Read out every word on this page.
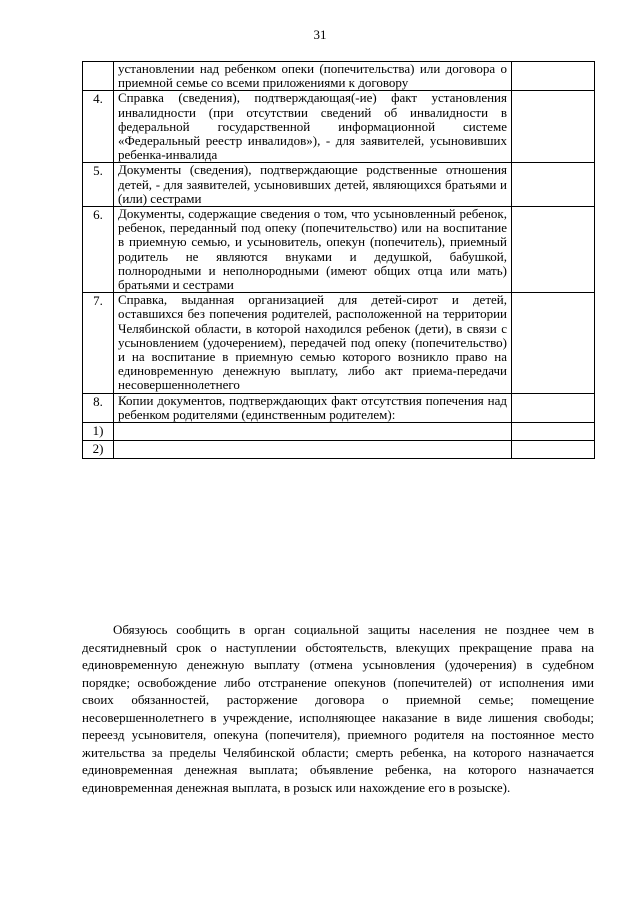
31
	установлении над ребенком опеки (попечительства) или договора о приемной семье со всеми приложениями к договору	
4.	Справка (сведения), подтверждающая(-ие) факт установления инвалидности (при отсутствии сведений об инвалидности в федеральной государственной информационной системе «Федеральный реестр инвалидов»), - для заявителей, усыновивших ребенка-инвалида	
5.	Документы (сведения), подтверждающие родственные отношения детей, - для заявителей, усыновивших детей, являющихся братьями и (или) сестрами	
6.	Документы, содержащие сведения о том, что усыновленный ребенок, ребенок, переданный под опеку (попечительство) или на воспитание в приемную семью, и усыновитель, опекун (попечитель), приемный родитель не являются внуками и дедушкой, бабушкой, полнородными и неполнородными (имеют общих отца или мать) братьями и сестрами	
7.	Справка, выданная организацией для детей-сирот и детей, оставшихся без попечения родителей, расположенной на территории Челябинской области, в которой находился ребенок (дети), в связи с усыновлением (удочерением), передачей под опеку (попечительство) и на воспитание в приемную семью которого возникло право на единовременную денежную выплату, либо акт приема-передачи несовершеннолетнего	
8.	Копии документов, подтверждающих факт отсутствия попечения над ребенком родителями (единственным родителем):	
1)		
2)		

Обязуюсь сообщить в орган социальной защиты населения не позднее чем в десятидневный срок о наступлении обстоятельств, влекущих прекращение права на единовременную денежную выплату (отмена усыновления (удочерения) в судебном порядке; освобождение либо отстранение опекунов (попечителей) от исполнения ими своих обязанностей, расторжение договора о приемной семье; помещение несовершеннолетнего в учреждение, исполняющее наказание в виде лишения свободы; переезд усыновителя, опекуна (попечителя), приемного родителя на постоянное место жительства за пределы Челябинской области; смерть ребенка, на которого назначается единовременная денежная выплата; объявление ребенка, на которого назначается единовременная денежная выплата, в розыск или нахождение его в розыске).
